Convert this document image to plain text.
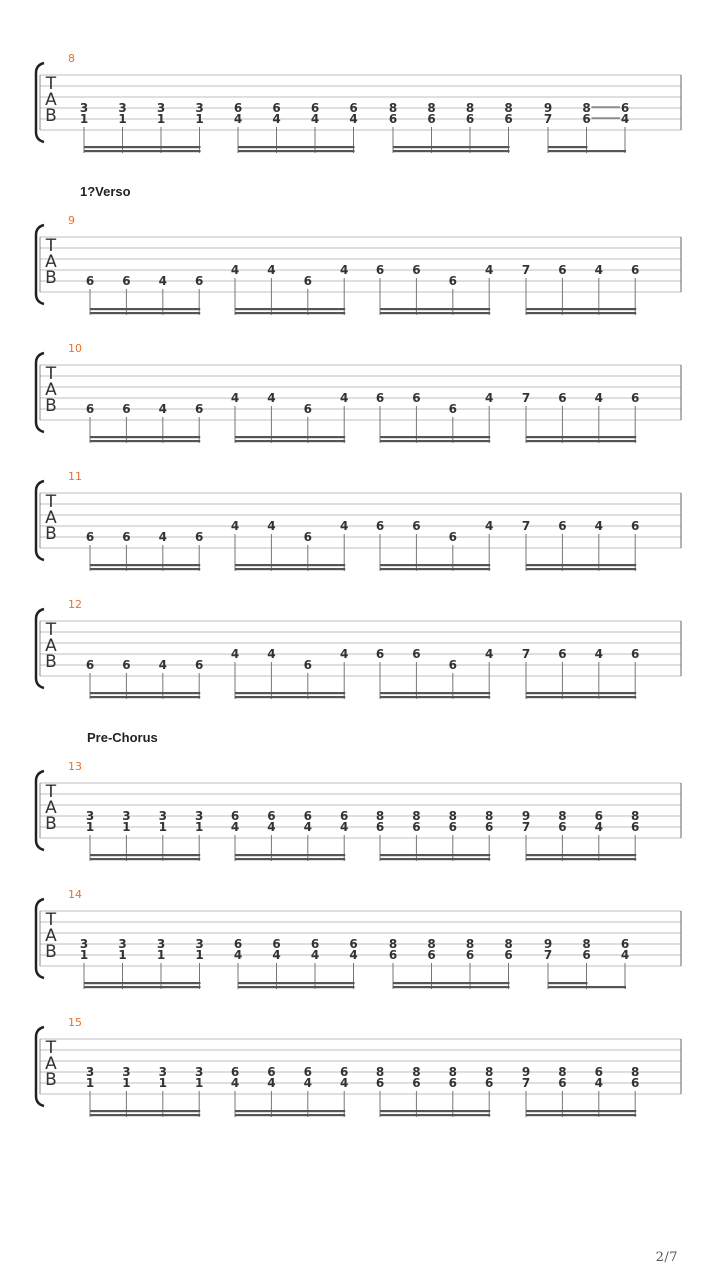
8
T
A
B 3
1
3
1
3
1
3
1
6
4
6
4
6
4
6
4
8
6
8
6
8
6
8
6
9
7
8
6
6
4
9
1?Verso
T
A
B 6 6 4 6
4 4
6
4 6 6
6
4 7 6 4 6
10
T
A
B 6 6 4 6
4 4
6
4 6 6
6
4 7 6 4 6
11
T
A
B 6 6 4 6
4 4
6
4 6 6
6
4 7 6 4 6
12
T
A
B 6 6 4 6
4 4
6
4 6 6
6
4 7 6 4 6
13
Pre-Chorus
T
A
B 3
1
3
1
3
1
3
1
6
4
6
4
6
4
6
4
8
6
8
6
8
6
8
6
9
7
8
6
6
4
8
6
14
T
A
B 3
1
3
1
3
1
3
1
6
4
6
4
6
4
6
4
8
6
8
6
8
6
8
6
9
7
8
6
6
4
15
T
A
B 3
1
3
1
3
1
3
1
6
4
6
4
6
4
6
4
8
6
8
6
8
6
8
6
9
7
8
6
6
4
8
6
2/7
